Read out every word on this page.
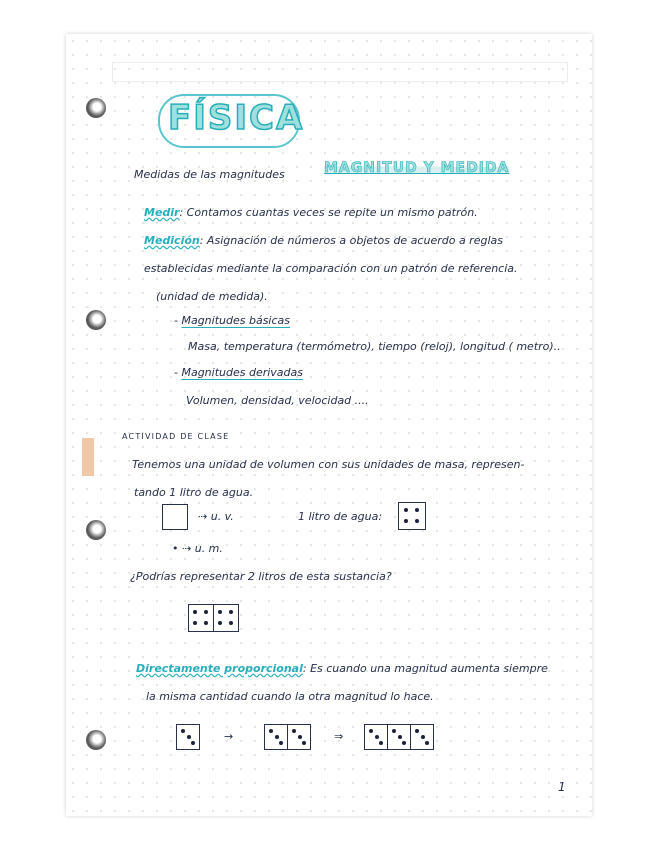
FÍSICA
Medidas de las magnitudes	MAGNITUD Y MEDIDA
Medir: Contamos cuantas veces se repite un mismo patrón.
Medición: Asignación de números a objetos de acuerdo a reglas
establecidas mediante la comparación con un patrón de referencia.
(unidad de medida).
- Magnitudes básicas
Masa, temperatura (termómetro), tiempo (reloj), longitud ( metro)..
- Magnitudes derivadas
Volumen, densidad, velocidad ....
ACTIVIDAD DE CLASE
Tenemos una unidad de volumen con sus unidades de masa, represen-
tando 1 litro de agua.
⇢ u. v.	1 litro de agua:
• ⇢ u. m.
¿Podrías representar 2 litros de esta sustancia?
Directamente proporcional: Es cuando una magnitud aumenta siempre
la misma cantidad cuando la otra magnitud lo hace.
→	⇒
1
